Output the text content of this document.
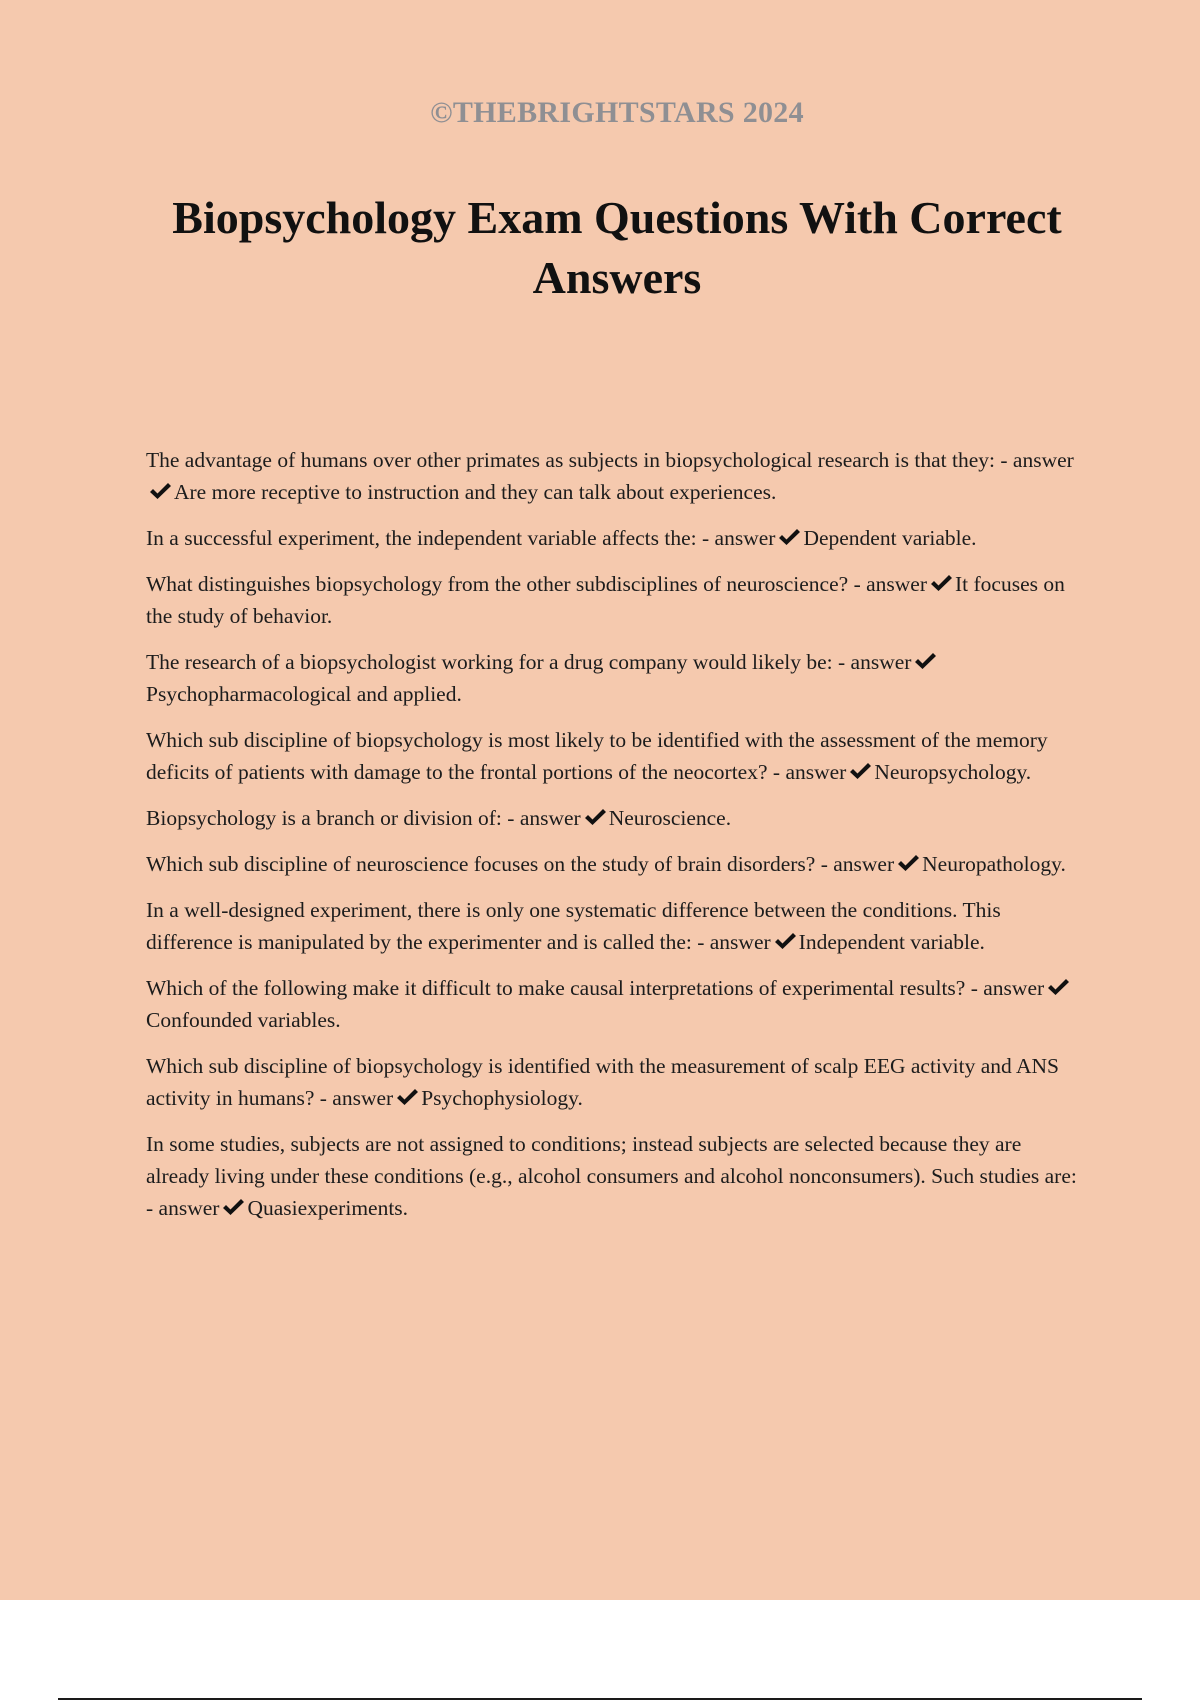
©THEBRIGHTSTARS 2024
Biopsychology Exam Questions With Correct Answers
The advantage of humans over other primates as subjects in biopsychological research is that they: - answer
Are more receptive to instruction and they can talk about experiences.
In a successful experiment, the independent variable affects the: - answer Dependent variable.
What distinguishes biopsychology from the other subdisciplines of neuroscience? - answer It focuses on the study of behavior.
The research of a biopsychologist working for a drug company would likely be: - answer
Psychopharmacological and applied.
Which sub discipline of biopsychology is most likely to be identified with the assessment of the memory deficits of patients with damage to the frontal portions of the neocortex? - answer Neuropsychology.
Biopsychology is a branch or division of: - answer Neuroscience.
Which sub discipline of neuroscience focuses on the study of brain disorders? - answer Neuropathology.
In a well-designed experiment, there is only one systematic difference between the conditions. This difference is manipulated by the experimenter and is called the: - answer Independent variable.
Which of the following make it difficult to make causal interpretations of experimental results? - answer
Confounded variables.
Which sub discipline of biopsychology is identified with the measurement of scalp EEG activity and ANS activity in humans? - answer Psychophysiology.
In some studies, subjects are not assigned to conditions; instead subjects are selected because they are already living under these conditions (e.g., alcohol consumers and alcohol nonconsumers). Such studies are: - answer Quasiexperiments.
